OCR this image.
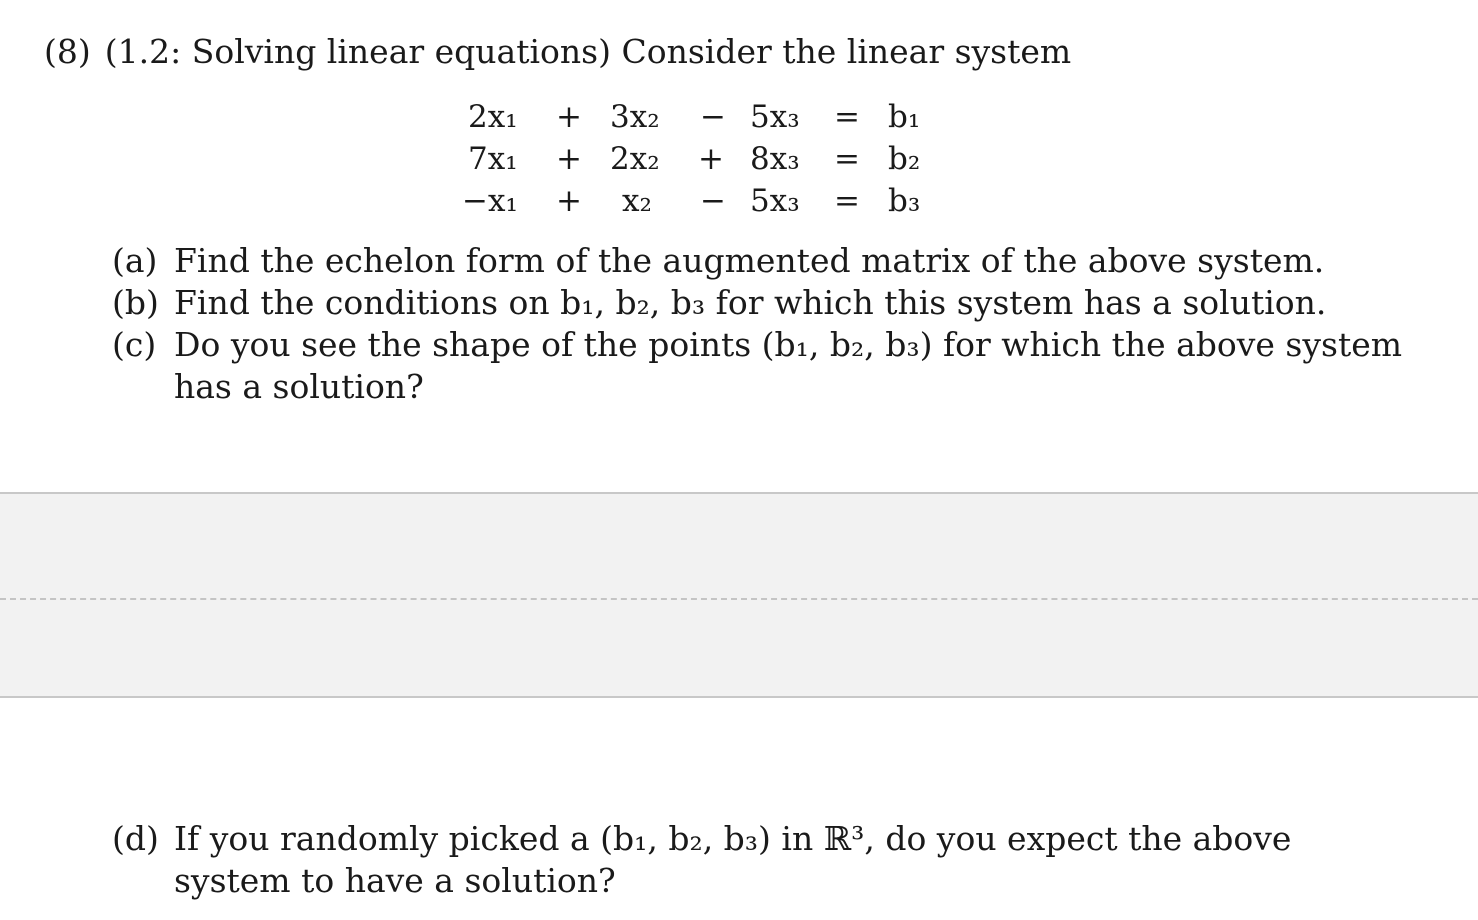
(8) (1.2: Solving linear equations) Consider the linear system
2x₁ + 3x₂ − 5x₃ = b₁
7x₁ + 2x₂ + 8x₃ = b₂
−x₁ + x₂ − 5x₃ = b₃
(a) Find the echelon form of the augmented matrix of the above system.
(b) Find the conditions on b₁, b₂, b₃ for which this system has a solution.
(c) Do you see the shape of the points (b₁, b₂, b₃) for which the above system has a solution?
(d) If you randomly picked a (b₁, b₂, b₃) in ℝ³, do you expect the above system to have a solution?
